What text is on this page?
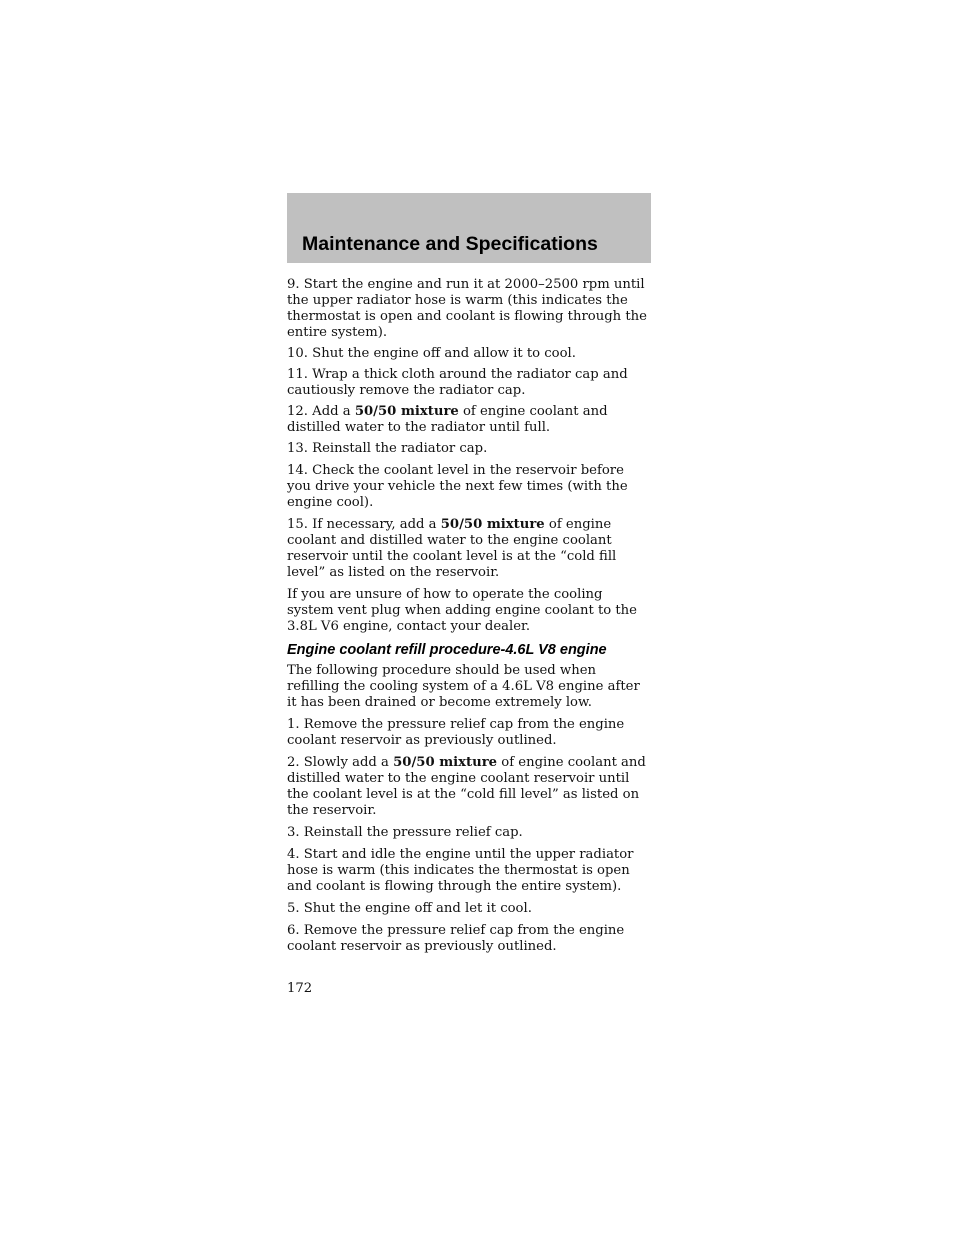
Maintenance and Specifications

9. Start the engine and run it at 2000–2500 rpm until the upper radiator hose is warm (this indicates the thermostat is open and coolant is flowing through the entire system).

10. Shut the engine off and allow it to cool.

11. Wrap a thick cloth around the radiator cap and cautiously remove the radiator cap.

12. Add a 50/50 mixture of engine coolant and distilled water to the radiator until full.

13. Reinstall the radiator cap.

14. Check the coolant level in the reservoir before you drive your vehicle the next few times (with the engine cool).

15. If necessary, add a 50/50 mixture of engine coolant and distilled water to the engine coolant reservoir until the coolant level is at the “cold fill level” as listed on the reservoir.

If you are unsure of how to operate the cooling system vent plug when adding engine coolant to the 3.8L V6 engine, contact your dealer.

Engine coolant refill procedure-4.6L V8 engine

The following procedure should be used when refilling the cooling system of a 4.6L V8 engine after it has been drained or become extremely low.

1. Remove the pressure relief cap from the engine coolant reservoir as previously outlined.

2. Slowly add a 50/50 mixture of engine coolant and distilled water to the engine coolant reservoir until the coolant level is at the “cold fill level” as listed on the reservoir.

3. Reinstall the pressure relief cap.

4. Start and idle the engine until the upper radiator hose is warm (this indicates the thermostat is open and coolant is flowing through the entire system).

5. Shut the engine off and let it cool.

6. Remove the pressure relief cap from the engine coolant reservoir as previously outlined.

172
